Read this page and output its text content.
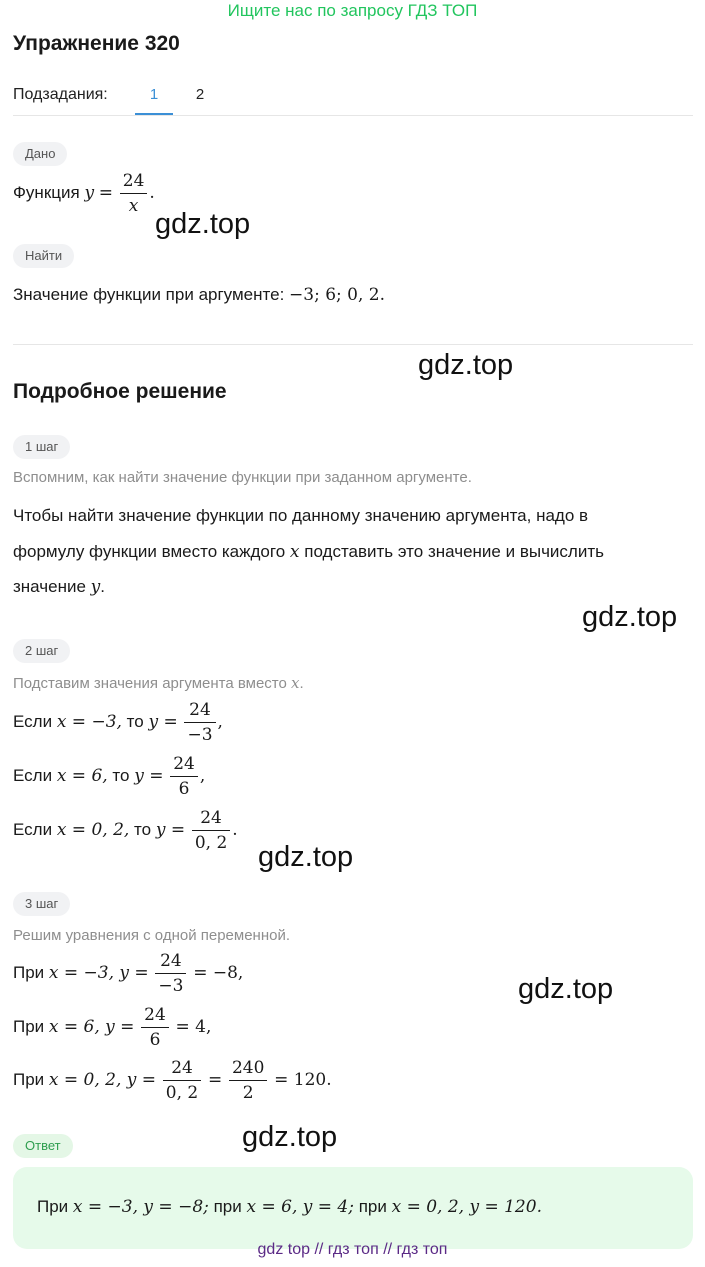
Ищите нас по запросу ГДЗ ТОП
Упражнение 320
Подзадания:	1	2
Дано
Функция $y = \frac{24}{x}$ .
Найти
Значение функции при аргументе: −3; 6; 0, 2.
Подробное решение
1 шаг
Вспомним, как найти значение функции при заданном аргументе.
Чтобы найти значение функции по данному значению аргумента, надо в
формулу функции вместо каждого x подставить это значение и вычислить
значение y.
2 шаг
Подставим значения аргумента вместо x.
Если x = −3, то $y = \frac{24}{-3}$ ,
Если x = 6, то $y = \frac{24}{6}$ ,
Если x = 0, 2, то $y = \frac{24}{0, 2}$ .
3 шаг
Решим уравнения с одной переменной.
При x = −3, $y = \frac{24}{-3} = -8$,
При x = 6, $y = \frac{24}{6} = 4$,
При x = 0, 2, $y = \frac{24}{0, 2} = \frac{240}{2} = 120$.
Ответ
При x = −3, y = −8; при x = 6, y = 4; при x = 0, 2, y = 120.
gdz.top
gdz.top
gdz.top
gdz.top
gdz.top
gdz.top
gdz top // гдз топ // гдз топ
